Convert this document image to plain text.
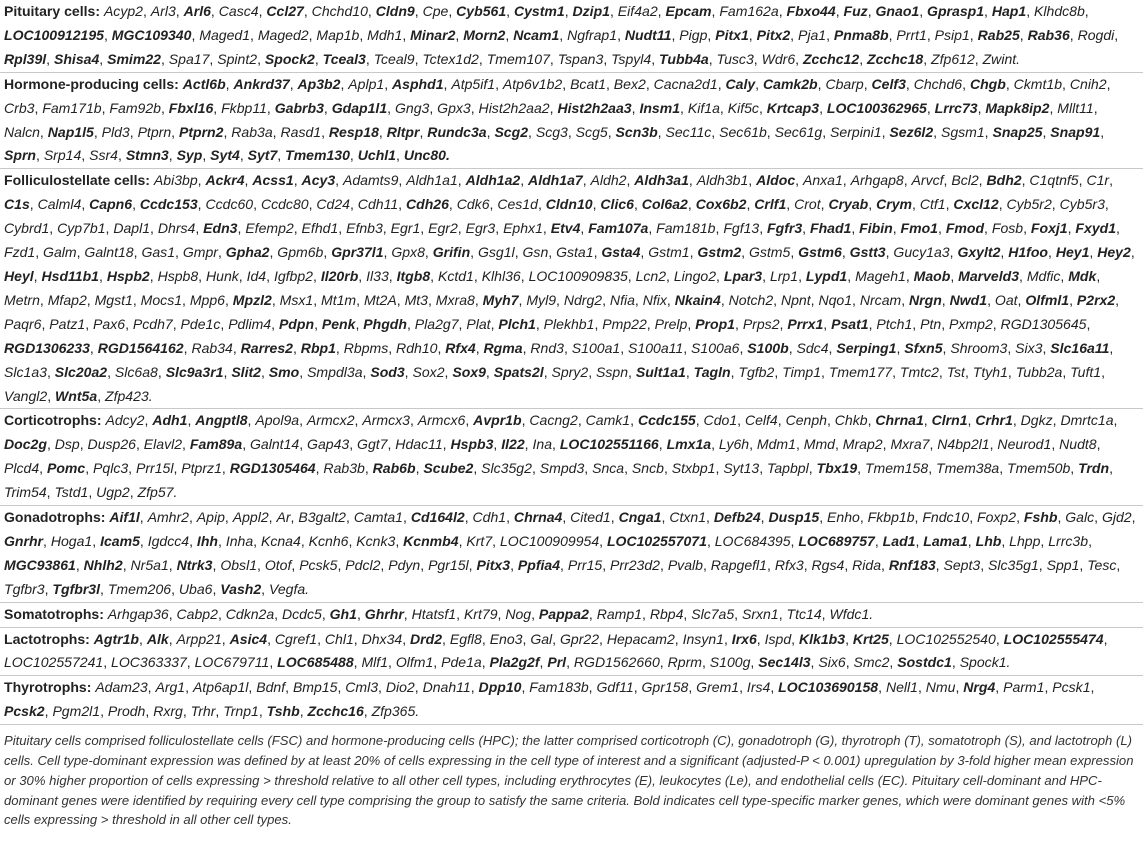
Pituitary cells: Acyp2, Arl3, Arl6, Casc4, Ccl27, Chchd10, Cldn9, Cpe, Cyb561, Cystm1, Dzip1, Eif4a2, Epcam, Fam162a, Fbxo44, Fuz, Gnao1, Gprasp1, Hap1, Klhdc8b, LOC100912195, MGC109340, Maged1, Maged2, Map1b, Mdh1, Minar2, Morn2, Ncam1, Ngfrap1, Nudt11, Pigp, Pitx1, Pitx2, Pja1, Pnma8b, Prrt1, Psip1, Rab25, Rab36, Rogdi, Rpl39l, Shisa4, Smim22, Spa17, Spint2, Spock2, Tceal3, Tceal9, Tctex1d2, Tmem107, Tspan3, Tspyl4, Tubb4a, Tusc3, Wdr6, Zcchc12, Zcchc18, Zfp612, Zwint.
Hormone-producing cells: Actl6b, Ankrd37, Ap3b2, Aplp1, Asphd1, Atp5if1, Atp6v1b2, Bcat1, Bex2, Cacna2d1, Caly, Camk2b, Cbarp, Celf3, Chchd6, Chgb, Ckmt1b, Cnih2, Crb3, Fam171b, Fam92b, Fbxl16, Fkbp11, Gabrb3, Gdap1l1, Gng3, Gpx3, Hist2h2aa2, Hist2h2aa3, Insm1, Kif1a, Kif5c, Krtcap3, LOC100362965, Lrrc73, Mapk8ip2, Mllt11, Nalcn, Nap1l5, Pld3, Ptprn, Ptprn2, Rab3a, Rasd1, Resp18, Rltpr, Rundc3a, Scg2, Scg3, Scg5, Scn3b, Sec11c, Sec61b, Sec61g, Serpini1, Sez6l2, Sgsm1, Snap25, Snap91, Sprn, Srp14, Ssr4, Stmn3, Syp, Syt4, Syt7, Tmem130, Uchl1, Unc80.
Folliculostellate cells: Abi3bp, Ackr4, Acss1, Acy3, Adamts9, Aldh1a1, Aldh1a2, Aldh1a7, Aldh2, Aldh3a1, Aldh3b1, Aldoc, Anxa1, Arhgap8, Arvcf, Bcl2, Bdh2, C1qtnf5, C1r, C1s, Calml4, Capn6, Ccdc153, Ccdc60, Ccdc80, Cd24, Cdh11, Cdh26, Cdk6, Ces1d, Cldn10, Clic6, Col6a2, Cox6b2, Crlf1, Crot, Cryab, Crym, Ctf1, Cxcl12, Cyb5r2, Cyb5r3, Cybrd1, Cyp7b1, Dapl1, Dhrs4, Edn3, Efemp2, Efhd1, Efnb3, Egr1, Egr2, Egr3, Ephx1, Etv4, Fam107a, Fam181b, Fgf13, Fgfr3, Fhad1, Fibin, Fmo1, Fmod, Fosb, Foxj1, Fxyd1, Fzd1, Galm, Galnt18, Gas1, Gmpr, Gpha2, Gpm6b, Gpr37l1, Gpx8, Grifin, Gsg1l, Gsn, Gsta1, Gsta4, Gstm1, Gstm2, Gstm5, Gstm6, Gstt3, Gucy1a3, Gxylt2, H1foo, Hey1, Hey2, Heyl, Hsd11b1, Hspb2, Hspb8, Hunk, Id4, Igfbp2, Il20rb, Il33, Itgb8, Kctd1, Klhl36, LOC100909835, Lcn2, Lingo2, Lpar3, Lrp1, Lypd1, Mageh1, Maob, Marveld3, Mdfic, Mdk, Metrn, Mfap2, Mgst1, Mocs1, Mpp6, Mpzl2, Msx1, Mt1m, Mt2A, Mt3, Mxra8, Myh7, Myl9, Ndrg2, Nfia, Nfix, Nkain4, Notch2, Npnt, Nqo1, Nrcam, Nrgn, Nwd1, Oat, Olfml1, P2rx2, Paqr6, Patz1, Pax6, Pcdh7, Pde1c, Pdlim4, Pdpn, Penk, Phgdh, Pla2g7, Plat, Plch1, Plekhb1, Pmp22, Prelp, Prop1, Prps2, Prrx1, Psat1, Ptch1, Ptn, Pxmp2, RGD1305645, RGD1306233, RGD1564162, Rab34, Rarres2, Rbp1, Rbpms, Rdh10, Rfx4, Rgma, Rnd3, S100a1, S100a11, S100a6, S100b, Sdc4, Serping1, Sfxn5, Shroom3, Six3, Slc16a11, Slc1a3, Slc20a2, Slc6a8, Slc9a3r1, Slit2, Smo, Smpdl3a, Sod3, Sox2, Sox9, Spats2l, Spry2, Sspn, Sult1a1, Tagln, Tgfb2, Timp1, Tmem177, Tmtc2, Tst, Ttyh1, Tubb2a, Tuft1, Vangl2, Wnt5a, Zfp423.
Corticotrophs: Adcy2, Adh1, Angptl8, Apol9a, Armcx2, Armcx3, Armcx6, Avpr1b, Cacng2, Camk1, Ccdc155, Cdo1, Celf4, Cenph, Chkb, Chrna1, Clrn1, Crhr1, Dgkz, Dmrtc1a, Doc2g, Dsp, Dusp26, Elavl2, Fam89a, Galnt14, Gap43, Ggt7, Hdac11, Hspb3, Il22, Ina, LOC102551166, Lmx1a, Ly6h, Mdm1, Mmd, Mrap2, Mxra7, N4bp2l1, Neurod1, Nudt8, Plcd4, Pomc, Pqlc3, Prr15l, Ptprz1, RGD1305464, Rab3b, Rab6b, Scube2, Slc35g2, Smpd3, Snca, Sncb, Stxbp1, Syt13, Tapbpl, Tbx19, Tmem158, Tmem38a, Tmem50b, Trdn, Trim54, Tstd1, Ugp2, Zfp57.
Gonadotrophs: Aif1l, Amhr2, Apip, Appl2, Ar, B3galt2, Camta1, Cd164l2, Cdh1, Chrna4, Cited1, Cnga1, Ctxn1, Defb24, Dusp15, Enho, Fkbp1b, Fndc10, Foxp2, Fshb, Galc, Gjd2, Gnrhr, Hoga1, Icam5, Igdcc4, Ihh, Inha, Kcna4, Kcnh6, Kcnk3, Kcnmb4, Krt7, LOC100909954, LOC102557071, LOC684395, LOC689757, Lad1, Lama1, Lhb, Lhpp, Lrrc3b, MGC93861, Nhlh2, Nr5a1, Ntrk3, Obsl1, Otof, Pcsk5, Pdcl2, Pdyn, Pgr15l, Pitx3, Ppfia4, Prr15, Prr23d2, Pvalb, Rapgefl1, Rfx3, Rgs4, Rida, Rnf183, Sept3, Slc35g1, Spp1, Tesc, Tgfbr3, Tgfbr3l, Tmem206, Uba6, Vash2, Vegfa.
Somatotrophs: Arhgap36, Cabp2, Cdkn2a, Dcdc5, Gh1, Ghrhr, Htatsf1, Krt79, Nog, Pappa2, Ramp1, Rbp4, Slc7a5, Srxn1, Ttc14, Wfdc1.
Lactotrophs: Agtr1b, Alk, Arpp21, Asic4, Cgref1, Chl1, Dhx34, Drd2, Egfl8, Eno3, Gal, Gpr22, Hepacam2, Insyn1, Irx6, Ispd, Klk1b3, Krt25, LOC102552540, LOC102555474, LOC102557241, LOC363337, LOC679711, LOC685488, Mlf1, Olfm1, Pde1a, Pla2g2f, Prl, RGD1562660, Rprm, S100g, Sec14l3, Six6, Smc2, Sostdc1, Spock1.
Thyrotrophs: Adam23, Arg1, Atp6ap1l, Bdnf, Bmp15, Cml3, Dio2, Dnah11, Dpp10, Fam183b, Gdf11, Gpr158, Grem1, Irs4, LOC103690158, Nell1, Nmu, Nrg4, Parm1, Pcsk1, Pcsk2, Pgm2l1, Prodh, Rxrg, Trhr, Trnp1, Tshb, Zcchc16, Zfp365.
Pituitary cells comprised folliculostellate cells (FSC) and hormone-producing cells (HPC); the latter comprised corticotroph (C), gonadotroph (G), thyrotroph (T), somatotroph (S), and lactotroph (L) cells. Cell type-dominant expression was defined by at least 20% of cells expressing in the cell type of interest and a significant (adjusted-P < 0.001) upregulation by 3-fold higher mean expression or 30% higher proportion of cells expressing > threshold relative to all other cell types, including erythrocytes (E), leukocytes (Le), and endothelial cells (EC). Pituitary cell-dominant and HPC-dominant genes were identified by requiring every cell type comprising the group to satisfy the same criteria. Bold indicates cell type-specific marker genes, which were dominant genes with <5% cells expressing > threshold in all other cell types.
